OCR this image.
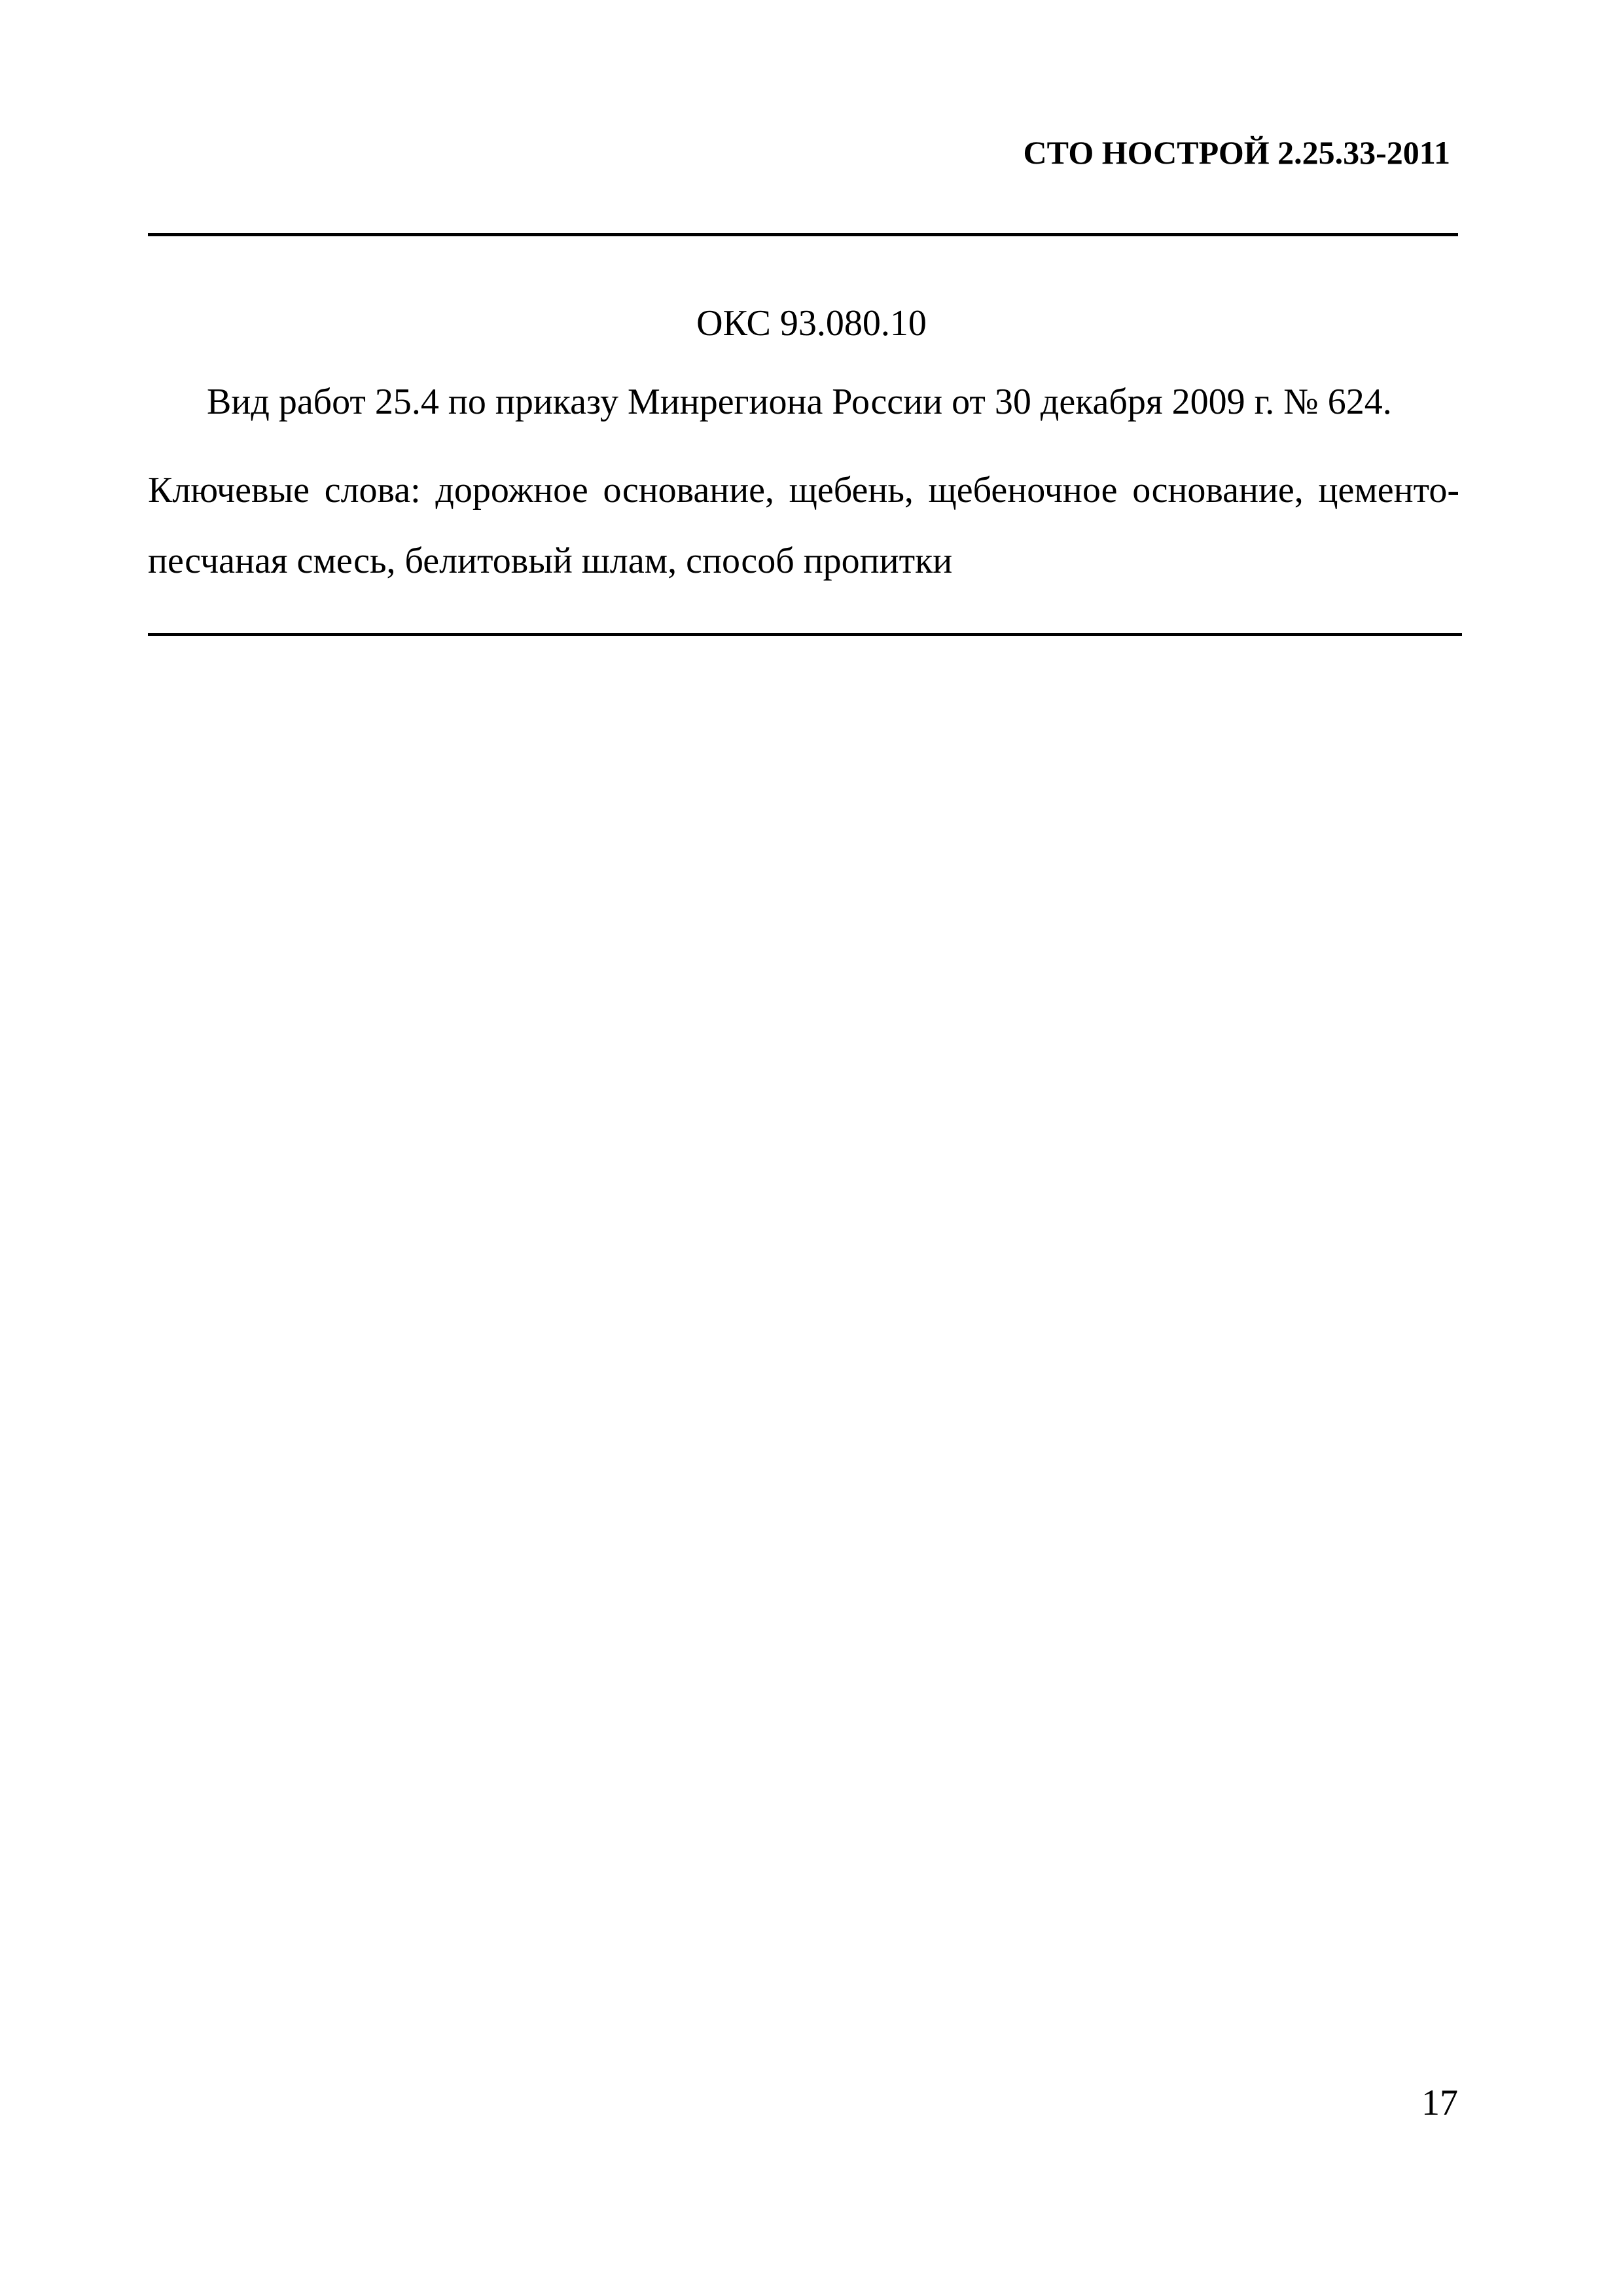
СТО НОСТРОЙ 2.25.33-2011
ОКС 93.080.10
Вид работ 25.4 по приказу Минрегиона России от 30 декабря 2009 г. № 624.
Ключевые слова: дорожное основание, щебень, щебеночное основание, цементо-
песчаная смесь, белитовый шлам, способ пропитки
17
